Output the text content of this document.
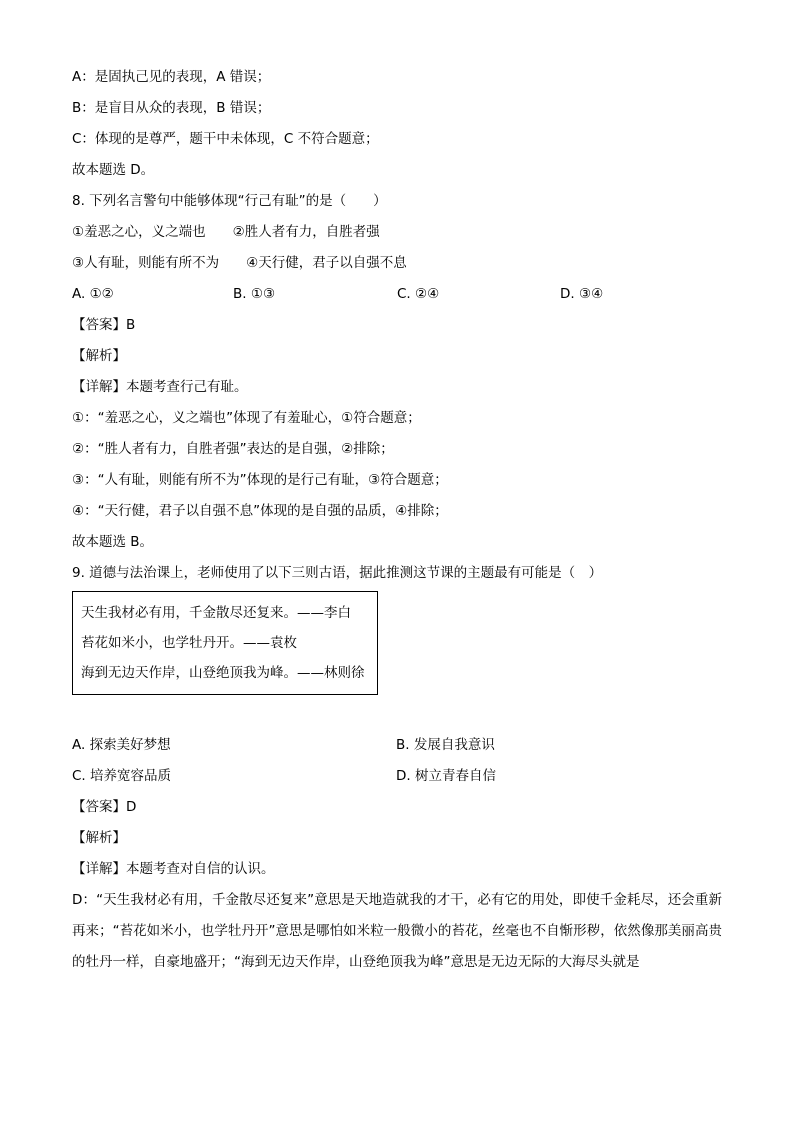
A：是固执己见的表现，A 错误；
B：是盲目从众的表现，B 错误；
C：体现的是尊严，题干中未体现，C 不符合题意；
故本题选 D。
8. 下列名言警句中能够体现“行己有耻”的是（　　）
①羞恶之心，义之端也　　②胜人者有力，自胜者强
③人有耻，则能有所不为　　④天行健，君子以自强不息
A. ①②	B. ①③	C. ②④	D. ③④
【答案】B
【解析】
【详解】本题考查行己有耻。
①：“羞恶之心，义之端也”体现了有羞耻心，①符合题意；
②：“胜人者有力，自胜者强”表达的是自强，②排除；
③：“人有耻，则能有所不为”体现的是行己有耻，③符合题意；
④：“天行健，君子以自强不息”体现的是自强的品质，④排除；
故本题选 B。
9. 道德与法治课上，老师使用了以下三则古语，据此推测这节课的主题最有可能是（　）
天生我材必有用，千金散尽还复来。——李白
苔花如米小，也学牡丹开。——袁枚
海到无边天作岸，山登绝顶我为峰。——林则徐
A. 探索美好梦想	B. 发展自我意识
C. 培养宽容品质	D. 树立青春自信
【答案】D
【解析】
【详解】本题考查对自信的认识。
D：“天生我材必有用，千金散尽还复来”意思是天地造就我的才干，必有它的用处，即使千金耗尽，还会重新再来；“苔花如米小，也学牡丹开”意思是哪怕如米粒一般微小的苔花，丝毫也不自惭形秽，依然像那美丽高贵的牡丹一样，自豪地盛开；“海到无边天作岸，山登绝顶我为峰”意思是无边无际的大海尽头就是
